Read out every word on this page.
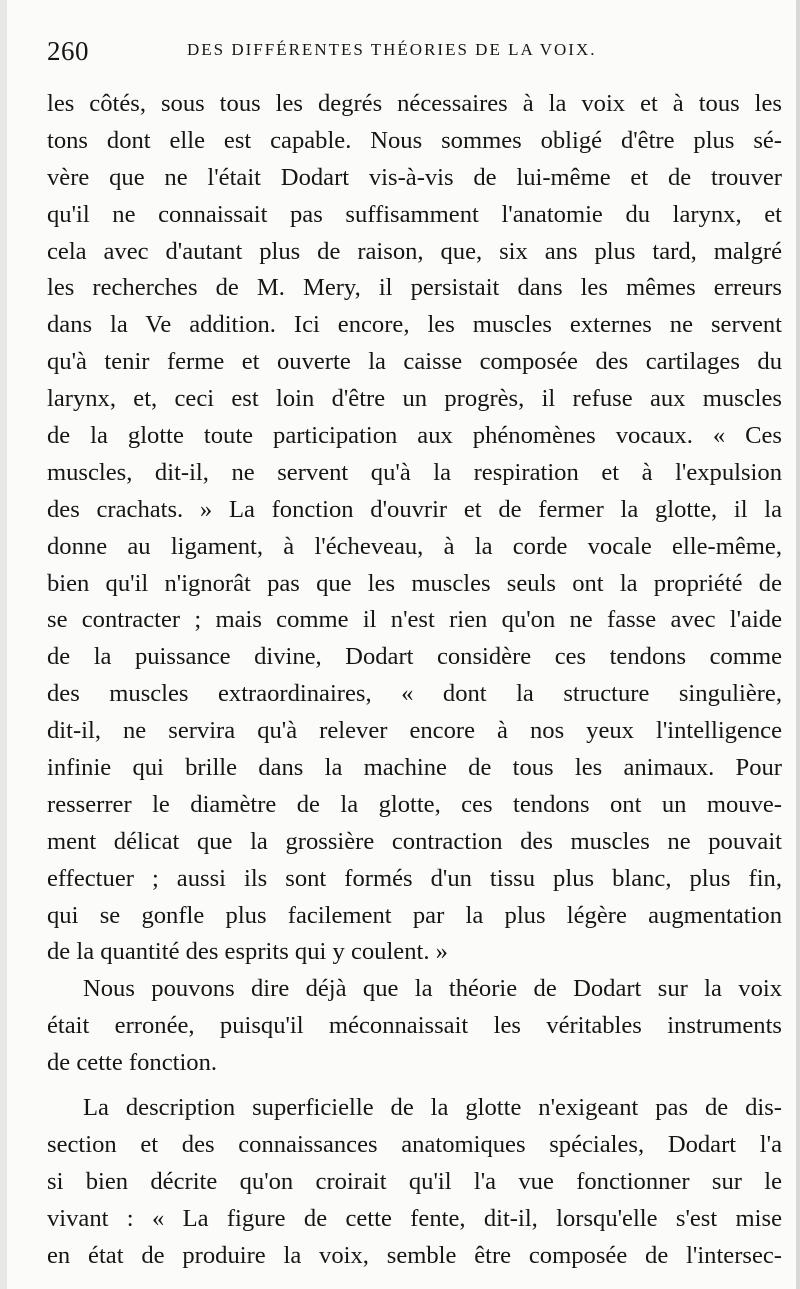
260	DES DIFFÉRENTES THÉORIES DE LA VOIX.
les côtés, sous tous les degrés nécessaires à la voix et à tous les
tons dont elle est capable. Nous sommes obligé d'être plus sé-
vère que ne l'était Dodart vis-à-vis de lui-même et de trouver
qu'il ne connaissait pas suffisamment l'anatomie du larynx, et
cela avec d'autant plus de raison, que, six ans plus tard, malgré
les recherches de M. Mery, il persistait dans les mêmes erreurs
dans la Ve addition. Ici encore, les muscles externes ne servent
qu'à tenir ferme et ouverte la caisse composée des cartilages du
larynx, et, ceci est loin d'être un progrès, il refuse aux muscles
de la glotte toute participation aux phénomènes vocaux. « Ces
muscles, dit-il, ne servent qu'à la respiration et à l'expulsion
des crachats. » La fonction d'ouvrir et de fermer la glotte, il la
donne au ligament, à l'écheveau, à la corde vocale elle-même,
bien qu'il n'ignorât pas que les muscles seuls ont la propriété de
se contracter ; mais comme il n'est rien qu'on ne fasse avec l'aide
de la puissance divine, Dodart considère ces tendons comme
des muscles extraordinaires, « dont la structure singulière,
dit-il, ne servira qu'à relever encore à nos yeux l'intelligence
infinie qui brille dans la machine de tous les animaux. Pour
resserrer le diamètre de la glotte, ces tendons ont un mouve-
ment délicat que la grossière contraction des muscles ne pouvait
effectuer ; aussi ils sont formés d'un tissu plus blanc, plus fin,
qui se gonfle plus facilement par la plus légère augmentation
de la quantité des esprits qui y coulent. »
Nous pouvons dire déjà que la théorie de Dodart sur la voix
était erronée, puisqu'il méconnaissait les véritables instruments
de cette fonction.
La description superficielle de la glotte n'exigeant pas de dis-
section et des connaissances anatomiques spéciales, Dodart l'a
si bien décrite qu'on croirait qu'il l'a vue fonctionner sur le
vivant : « La figure de cette fente, dit-il, lorsqu'elle s'est mise
en état de produire la voix, semble être composée de l'intersec-
